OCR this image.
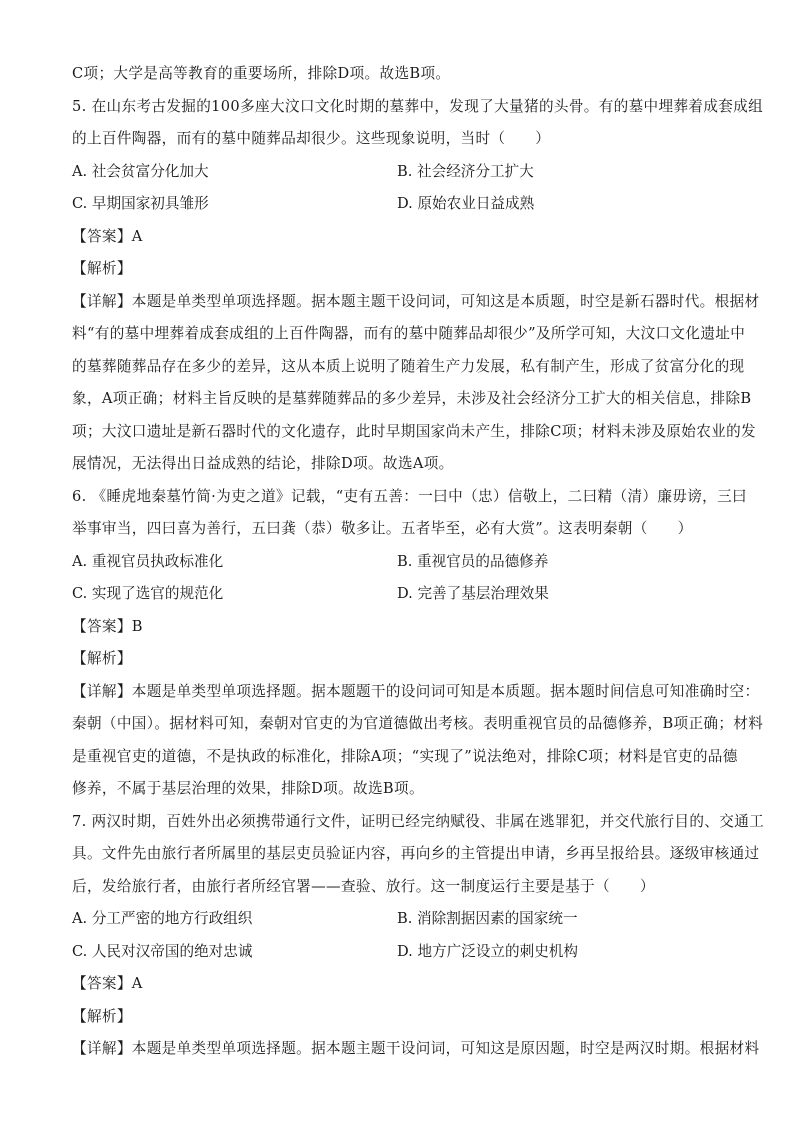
C项；大学是高等教育的重要场所，排除D项。故选B项。
5. 在山东考古发掘的100多座大汶口文化时期的墓葬中，发现了大量猪的头骨。有的墓中埋葬着成套成组
的上百件陶器，而有的墓中随葬品却很少。这些现象说明，当时（　　）
A. 社会贫富分化加大	B. 社会经济分工扩大
C. 早期国家初具雏形	D. 原始农业日益成熟
【答案】A
【解析】
【详解】本题是单类型单项选择题。据本题主题干设问词，可知这是本质题，时空是新石器时代。根据材
料“有的墓中埋葬着成套成组的上百件陶器，而有的墓中随葬品却很少”及所学可知，大汶口文化遗址中
的墓葬随葬品存在多少的差异，这从本质上说明了随着生产力发展，私有制产生，形成了贫富分化的现
象，A项正确；材料主旨反映的是墓葬随葬品的多少差异，未涉及社会经济分工扩大的相关信息，排除B
项；大汶口遗址是新石器时代的文化遗存，此时早期国家尚未产生，排除C项；材料未涉及原始农业的发
展情况，无法得出日益成熟的结论，排除D项。故选A项。
6. 《睡虎地秦墓竹简·为吏之道》记载，“吏有五善：一曰中（忠）信敬上，二曰精（清）廉毋谤，三曰
举事审当，四曰喜为善行，五曰龚（恭）敬多让。五者毕至，必有大赏”。这表明秦朝（　　）
A. 重视官员执政标准化	B. 重视官员的品德修养
C. 实现了选官的规范化	D. 完善了基层治理效果
【答案】B
【解析】
【详解】本题是单类型单项选择题。据本题题干的设问词可知是本质题。据本题时间信息可知准确时空：
秦朝（中国）。据材料可知，秦朝对官吏的为官道德做出考核。表明重视官员的品德修养，B项正确；材料
是重视官吏的道德，不是执政的标准化，排除A项；“实现了”说法绝对，排除C项；材料是官吏的品德
修养，不属于基层治理的效果，排除D项。故选B项。
7. 两汉时期，百姓外出必须携带通行文件，证明已经完纳赋役、非属在逃罪犯，并交代旅行目的、交通工
具。文件先由旅行者所属里的基层吏员验证内容，再向乡的主管提出申请，乡再呈报给县。逐级审核通过
后，发给旅行者，由旅行者所经官署——查验、放行。这一制度运行主要是基于（　　）
A. 分工严密的地方行政组织	B. 消除割据因素的国家统一
C. 人民对汉帝国的绝对忠诚	D. 地方广泛设立的刺史机构
【答案】A
【解析】
【详解】本题是单类型单项选择题。据本题主题干设问词，可知这是原因题，时空是两汉时期。根据材料
